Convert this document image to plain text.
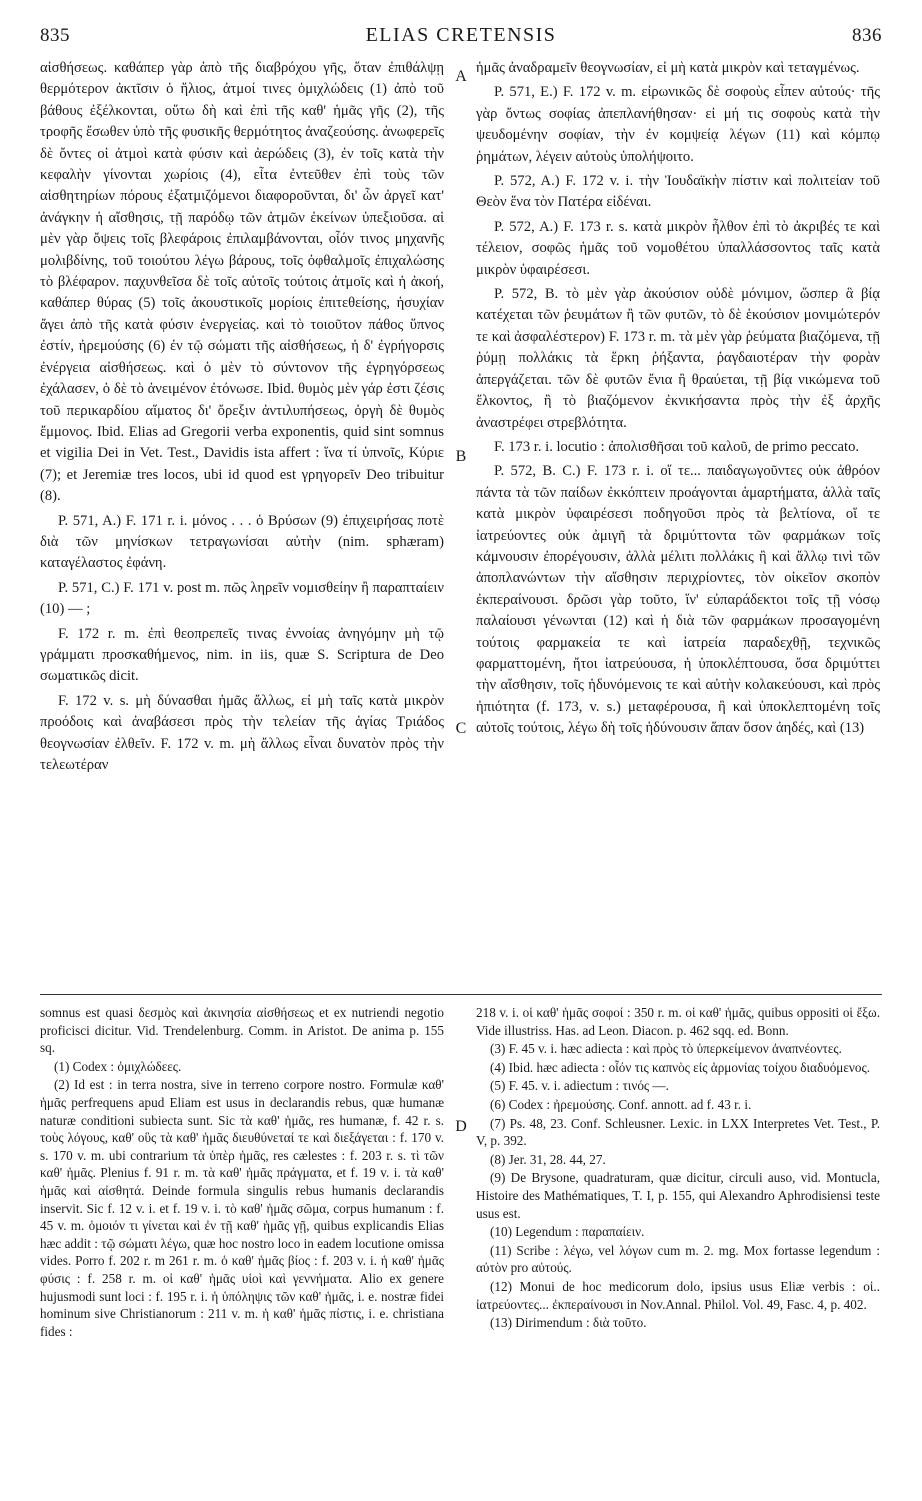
835	ELIAS CRETENSIS	836

αἰσθήσεως. καθάπερ γὰρ ἀπὸ τῆς διαβρόχου γῆς, ὅταν ἐπιθάλψῃ θερμότερον ἀκτῖσιν ὁ ἥλιος, ἀτμοί τινες ὁμιχλώδεις (1) ἀπὸ τοῦ βάθους ἐξέλκονται, οὕτω δὴ καὶ ἐπὶ τῆς καθ' ἡμᾶς γῆς (2), τῆς τροφῆς ἔσωθεν ὑπὸ τῆς φυσικῆς θερμότητος ἀναζεούσης. ἀνωφερεῖς δὲ ὄντες οἱ ἀτμοὶ κατὰ φύσιν καὶ ἀερώδεις (3), ἐν τοῖς κατὰ τὴν κεφαλὴν γίνονται χωρίοις (4), εἶτα ἐντεῦθεν ἐπὶ τοὺς τῶν αἰσθητηρίων πόρους ἐξατμιζόμενοι διαφοροῦνται, δι' ὧν ἀργεῖ κατ' ἀνάγκην ἡ αἴσθησις, τῇ παρόδῳ τῶν ἀτμῶν ἐκείνων ὑπεξιοῦσα. αἱ μὲν γὰρ ὄψεις τοῖς βλεφάροις ἐπιλαμβάνονται, οἷόν τινος μηχανῆς μολιβδίνης, τοῦ τοιούτου λέγω βάρους, τοῖς ὀφθαλμοῖς ἐπιχαλώσης τὸ βλέφαρον. παχυνθεῖσα δὲ τοῖς αὐτοῖς τούτοις ἀτμοῖς καὶ ἡ ἀκοή, καθάπερ θύρας (5) τοῖς ἀκουστικοῖς μορίοις ἐπιτεθείσης, ἡσυχίαν ἄγει ἀπὸ τῆς κατὰ φύσιν ἐνεργείας. καὶ τὸ τοιοῦτον πάθος ὕπνος ἐστίν, ἠρεμούσης (6) ἐν τῷ σώματι τῆς αἰσθήσεως, ἡ δ' ἐγρήγορσις ἐνέργεια αἰσθήσεως. καὶ ὁ μὲν τὸ σύντονον τῆς ἐγρηγόρσεως ἐχάλασεν, ὁ δὲ τὸ ἀνειμένον ἐτόνωσε. Ibid. θυμὸς μὲν γάρ ἐστι ζέσις τοῦ περικαρδίου αἵματος δι' ὄρεξιν ἀντιλυπήσεως, ὀργὴ δὲ θυμὸς ἔμμονος. Ibid. Elias ad Gregorii verba exponentis, quid sint somnus et vigilia Dei in Vet. Test., Davidis ista affert : ἵνα τί ὑπνοῖς, Κύριε (7); et Jeremiæ tres locos, ubi id quod est γρηγορεῖν Deo tribuitur (8).

P. 571, A.) F. 171 r. i. μόνος . . . ὁ Βρύσων (9) ἐπιχειρήσας ποτὲ διὰ τῶν μηνίσκων τετραγωνίσαι αὐτὴν (nim. sphæram) καταγέλαστος ἐφάνη.

P. 571, C.) F. 171 v. post m. πῶς ληρεῖν νομισθείην ἢ παραπταίειν (10) — ;

F. 172 r. m. ἐπὶ θεοπρεπεῖς τινας ἐννοίας ἀνηγόμην μὴ τῷ γράμματι προσκαθήμενος, nim. in iis, quæ S. Scriptura de Deo σωματικῶς dicit.

F. 172 v. s. μὴ δύνασθαι ἡμᾶς ἄλλως, εἰ μὴ ταῖς κατὰ μικρὸν προόδοις καὶ ἀναβάσεσι πρὸς τὴν τελείαν τῆς ἁγίας Τριάδος θεογνωσίαν ἐλθεῖν. F. 172 v. m. μὴ ἄλλως εἶναι δυνατὸν πρὸς τὴν τελεωτέραν

ἡμᾶς ἀναδραμεῖν θεογνωσίαν, εἰ μὴ κατὰ μικρὸν καὶ τεταγμένως.

P. 571, E.) F. 172 v. m. εἰρωνικῶς δὲ σοφοὺς εἶπεν αὐτούς· τῆς γὰρ ὄντως σοφίας ἀπεπλανήθησαν· εἰ μή τις σοφοὺς κατὰ τὴν ψευδομένην σοφίαν, τὴν ἐν κομψείᾳ λέγων (11) καὶ κόμπῳ ῥημάτων, λέγειν αὐτοὺς ὑπολήψοιτο.

P. 572, A.) F. 172 v. i. τὴν Ἰουδαϊκὴν πίστιν καὶ πολιτείαν τοῦ Θεὸν ἕνα τὸν Πατέρα εἰδέναι.

P. 572, A.) F. 173 r. s. κατὰ μικρὸν ἦλθον ἐπὶ τὸ ἀκριβές τε καὶ τέλειον, σοφῶς ἡμᾶς τοῦ νομοθέτου ὑπαλλάσσοντος ταῖς κατὰ μικρὸν ὑφαιρέσεσι.

P. 572, B. τὸ μὲν γὰρ ἀκούσιον οὐδὲ μόνιμον, ὥσπερ ἃ βίᾳ κατέχεται τῶν ῥευμάτων ἢ τῶν φυτῶν, τὸ δὲ ἑκούσιον μονιμώτερόν τε καὶ ἀσφαλέστερον) F. 173 r. m. τὰ μὲν γὰρ ῥεύματα βιαζόμενα, τῇ ῥύμῃ πολλάκις τὰ ἕρκη ῥήξαντα, ῥαγδαιοτέραν τὴν φορὰν ἀπεργάζεται. τῶν δὲ φυτῶν ἔνια ἢ θραύεται, τῇ βίᾳ νικώμενα τοῦ ἕλκοντος, ἢ τὸ βιαζόμενον ἐκνικήσαντα πρὸς τὴν ἐξ ἀρχῆς ἀναστρέφει στρεβλότητα.

F. 173 r. i. locutio : ἀπολισθῆσαι τοῦ καλοῦ, de primo peccato.

P. 572, B. C.) F. 173 r. i. οἵ τε... παιδαγωγοῦντες οὐκ ἀθρόον πάντα τὰ τῶν παίδων ἐκκόπτειν προάγονται ἁμαρτήματα, ἀλλὰ ταῖς κατὰ μικρὸν ὑφαιρέσεσι ποδηγοῦσι πρὸς τὰ βελτίονα, οἵ τε ἰατρεύοντες οὐκ ἀμιγῆ τὰ δριμύττοντα τῶν φαρμάκων τοῖς κάμνουσιν ἐπορέγουσιν, ἀλλὰ μέλιτι πολλάκις ἢ καὶ ἄλλῳ τινὶ τῶν ἀποπλανώντων τὴν αἴσθησιν περιχρίοντες, τὸν οἰκεῖον σκοπὸν ἐκπεραίνουσι. δρῶσι γὰρ τοῦτο, ἵν' εὐπαράδεκτοι τοῖς τῇ νόσῳ παλαίουσι γένωνται (12) καὶ ἡ διὰ τῶν φαρμάκων προσαγομένη τούτοις φαρμακεία τε καὶ ἰατρεία παραδεχθῇ, τεχνικῶς φαρματτομένη, ἤτοι ἰατρεύουσα, ἡ ὑποκλέπτουσα, ὅσα δριμύττει τὴν αἴσθησιν, τοῖς ἡδυνόμενοις τε καὶ αὐτὴν κολακεύουσι, καὶ πρὸς ἠπιότητα (f. 173, v. s.) μεταφέρουσα, ἢ καὶ ὑποκλεπτομένη τοῖς αὐτοῖς τούτοις, λέγω δὴ τοῖς ἡδύνουσιν ἅπαν ὅσον ἀηδές, καὶ (13)

A
B
C
D

somnus est quasi δεσμὸς καὶ ἀκινησία αἰσθήσεως et ex nutriendi negotio proficisci dicitur. Vid. Trendelenburg. Comm. in Aristot. De anima p. 155 sq.

(1) Codex : ὁμιχλώδεες.

(2) Id est : in terra nostra, sive in terreno corpore nostro. Formulæ καθ' ἡμᾶς perfrequens apud Eliam est usus in declarandis rebus, quæ humanæ naturæ conditioni subiecta sunt. Sic τὰ καθ' ἡμᾶς, res humanæ, f. 42 r. s. τοὺς λόγους, καθ' οὓς τὰ καθ' ἡμᾶς διευθύνεταί τε καὶ διεξάγεται : f. 170 v. s. 170 v. m. ubi contrarium τὰ ὑπὲρ ἡμᾶς, res cælestes : f. 203 r. s. τὶ τῶν καθ' ἡμᾶς. Plenius f. 91 r. m. τὰ καθ' ἡμᾶς πράγματα, et f. 19 v. i. τὰ καθ' ἡμᾶς καὶ αἰσθητά. Deinde formula singulis rebus humanis declarandis inservit. Sic f. 12 v. i. et f. 19 v. i. τὸ καθ' ἡμᾶς σῶμα, corpus humanum : f. 45 v. m. ὁμοιόν τι γίνεται καὶ ἐν τῇ καθ' ἡμᾶς γῇ, quibus explicandis Elias hæc addit : τῷ σώματι λέγω, quæ hoc nostro loco in eadem locutione omissa vides. Porro f. 202 r. m 261 r. m. ὁ καθ' ἡμᾶς βίος : f. 203 v. i. ἡ καθ' ἡμᾶς φύσις : f. 258 r. m. οἱ καθ' ἡμᾶς υἱοὶ καὶ γεννήματα. Alio ex genere hujusmodi sunt loci : f. 195 r. i. ἡ ὑπόληψις τῶν καθ' ἡμᾶς, i. e. nostræ fidei hominum sive Christianorum : 211 v. m. ἡ καθ' ἡμᾶς πίστις, i. e. christiana fides :

218 v. i. οἱ καθ' ἡμᾶς σοφοί : 350 r. m. οἱ καθ' ἡμᾶς, quibus oppositi οἱ ἔξω. Vide illustriss. Has. ad Leon. Diacon. p. 462 sqq. ed. Bonn.

(3) F. 45 v. i. hæc adiecta : καὶ πρὸς τὸ ὑπερκείμενον ἀναπνέοντες.

(4) Ibid. hæc adiecta : οἷόν τις καπνὸς εἰς ἁρμονίας τοίχου διαδυόμενος.

(5) F. 45. v. i. adiectum : τινός —.

(6) Codex : ἠρεμούσης. Conf. annott. ad f. 43 r. i.

(7) Ps. 48, 23. Conf. Schleusner. Lexic. in LXX Interpretes Vet. Test., P. V, p. 392.

(8) Jer. 31, 28. 44, 27.

(9) De Brysone, quadraturam, quæ dicitur, circuli auso, vid. Montucla, Histoire des Mathématiques, T. I, p. 155, qui Alexandro Aphrodisiensi teste usus est.

(10) Legendum : παραπαίειν.

(11) Scribe : λέγω, vel λόγων cum m. 2. mg. Mox fortasse legendum : αὐτὸν pro αὐτούς.

(12) Monui de hoc medicorum dolo, ipsius usus Eliæ verbis : οἱ.. ἰατρεύοντες... ἐκπεραίνουσι in Nov.Annal. Philol. Vol. 49, Fasc. 4, p. 402.

(13) Dirimendum : διὰ τοῦτο.
